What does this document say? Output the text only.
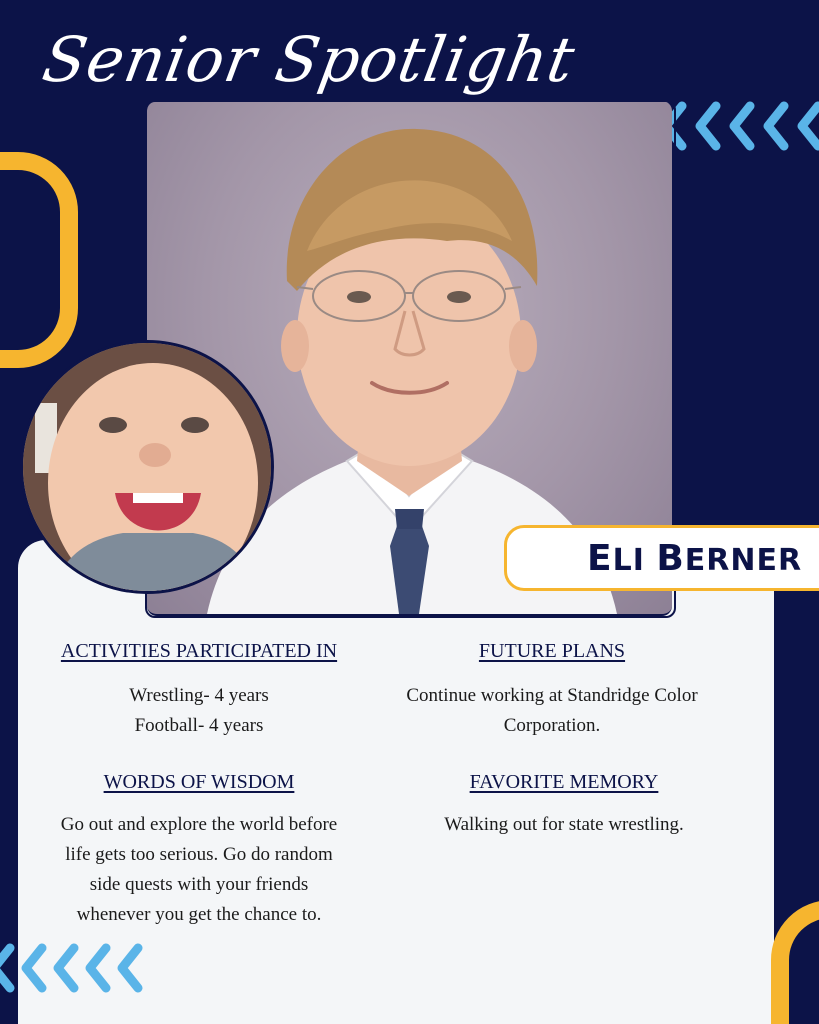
Senior Spotlight
ELI BERNER
ACTIVITIES PARTICIPATED IN
Wrestling- 4 years
Football- 4 years
FUTURE PLANS
Continue working at Standridge Color
Corporation.
WORDS OF WISDOM
Go out and explore the world before
life gets too serious. Go do random
side quests with your friends
whenever you get the chance to.
FAVORITE MEMORY
Walking out for state wrestling.
